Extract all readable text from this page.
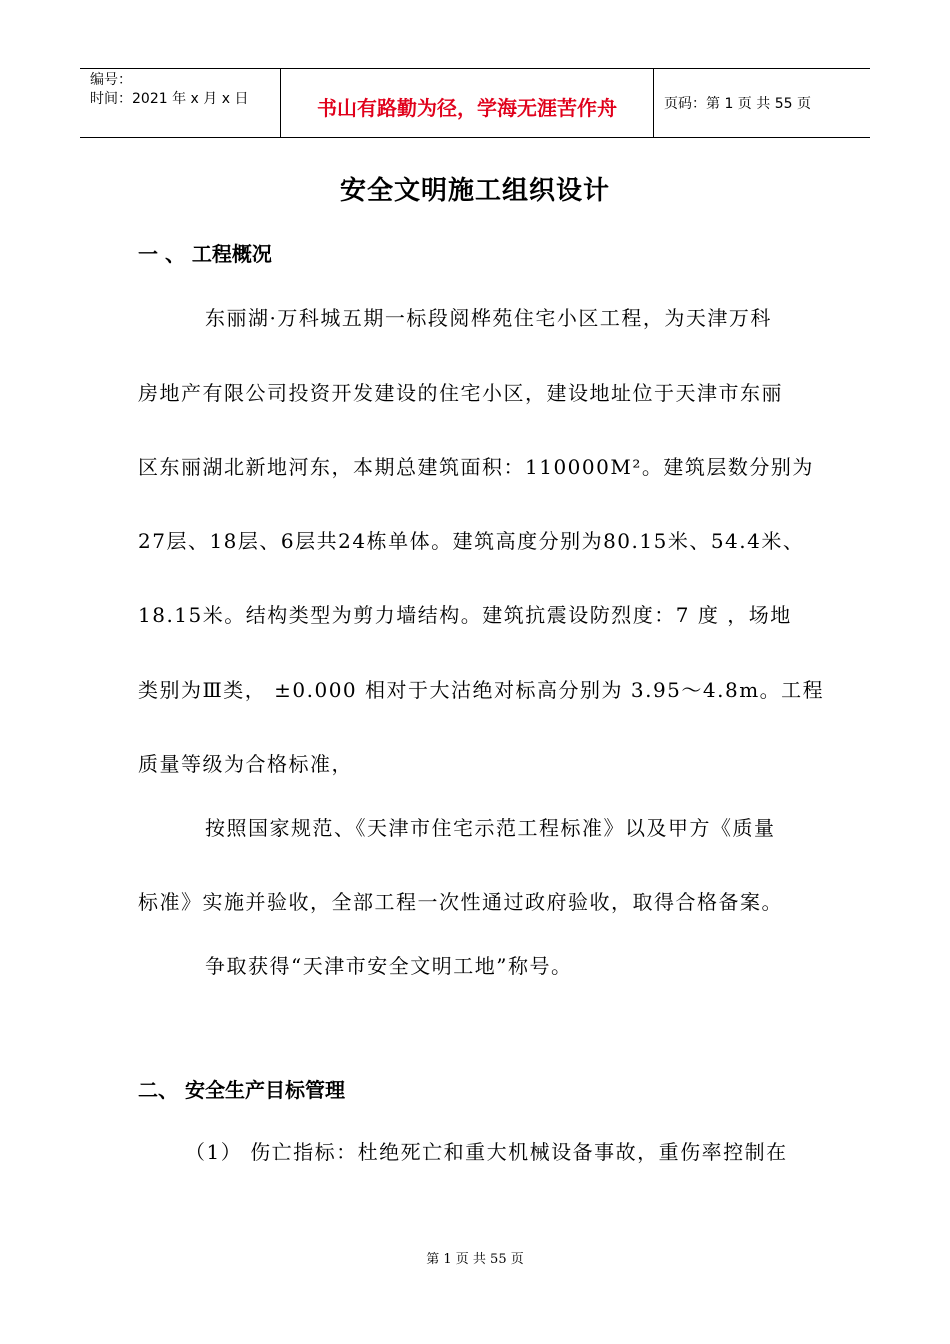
编号：
时间：2021 年 x 月 x 日	书山有路勤为径，学海无涯苦作舟	页码：第 1 页 共 55 页
安全文明施工组织设计
一 、 工程概况
东丽湖·万科城五期一标段阅桦苑住宅小区工程，为天津万科
房地产有限公司投资开发建设的住宅小区，建设地址位于天津市东丽
区东丽湖北新地河东，本期总建筑面积：110000M²。建筑层数分别为
27层、18层、6层共24栋单体。建筑高度分别为80.15米、54.4米、
18.15米。结构类型为剪力墙结构。建筑抗震设防烈度：7 度 ，场地
类别为Ⅲ类， ±0.000 相对于大沽绝对标高分别为 3.95～4.8m。工程
质量等级为合格标准，
按照国家规范、《天津市住宅示范工程标准》以及甲方《质量
标准》实施并验收，全部工程一次性通过政府验收，取得合格备案。
争取获得“天津市安全文明工地”称号。
二、 安全生产目标管理
（1） 伤亡指标：杜绝死亡和重大机械设备事故，重伤率控制在
第 1 页 共 55 页
